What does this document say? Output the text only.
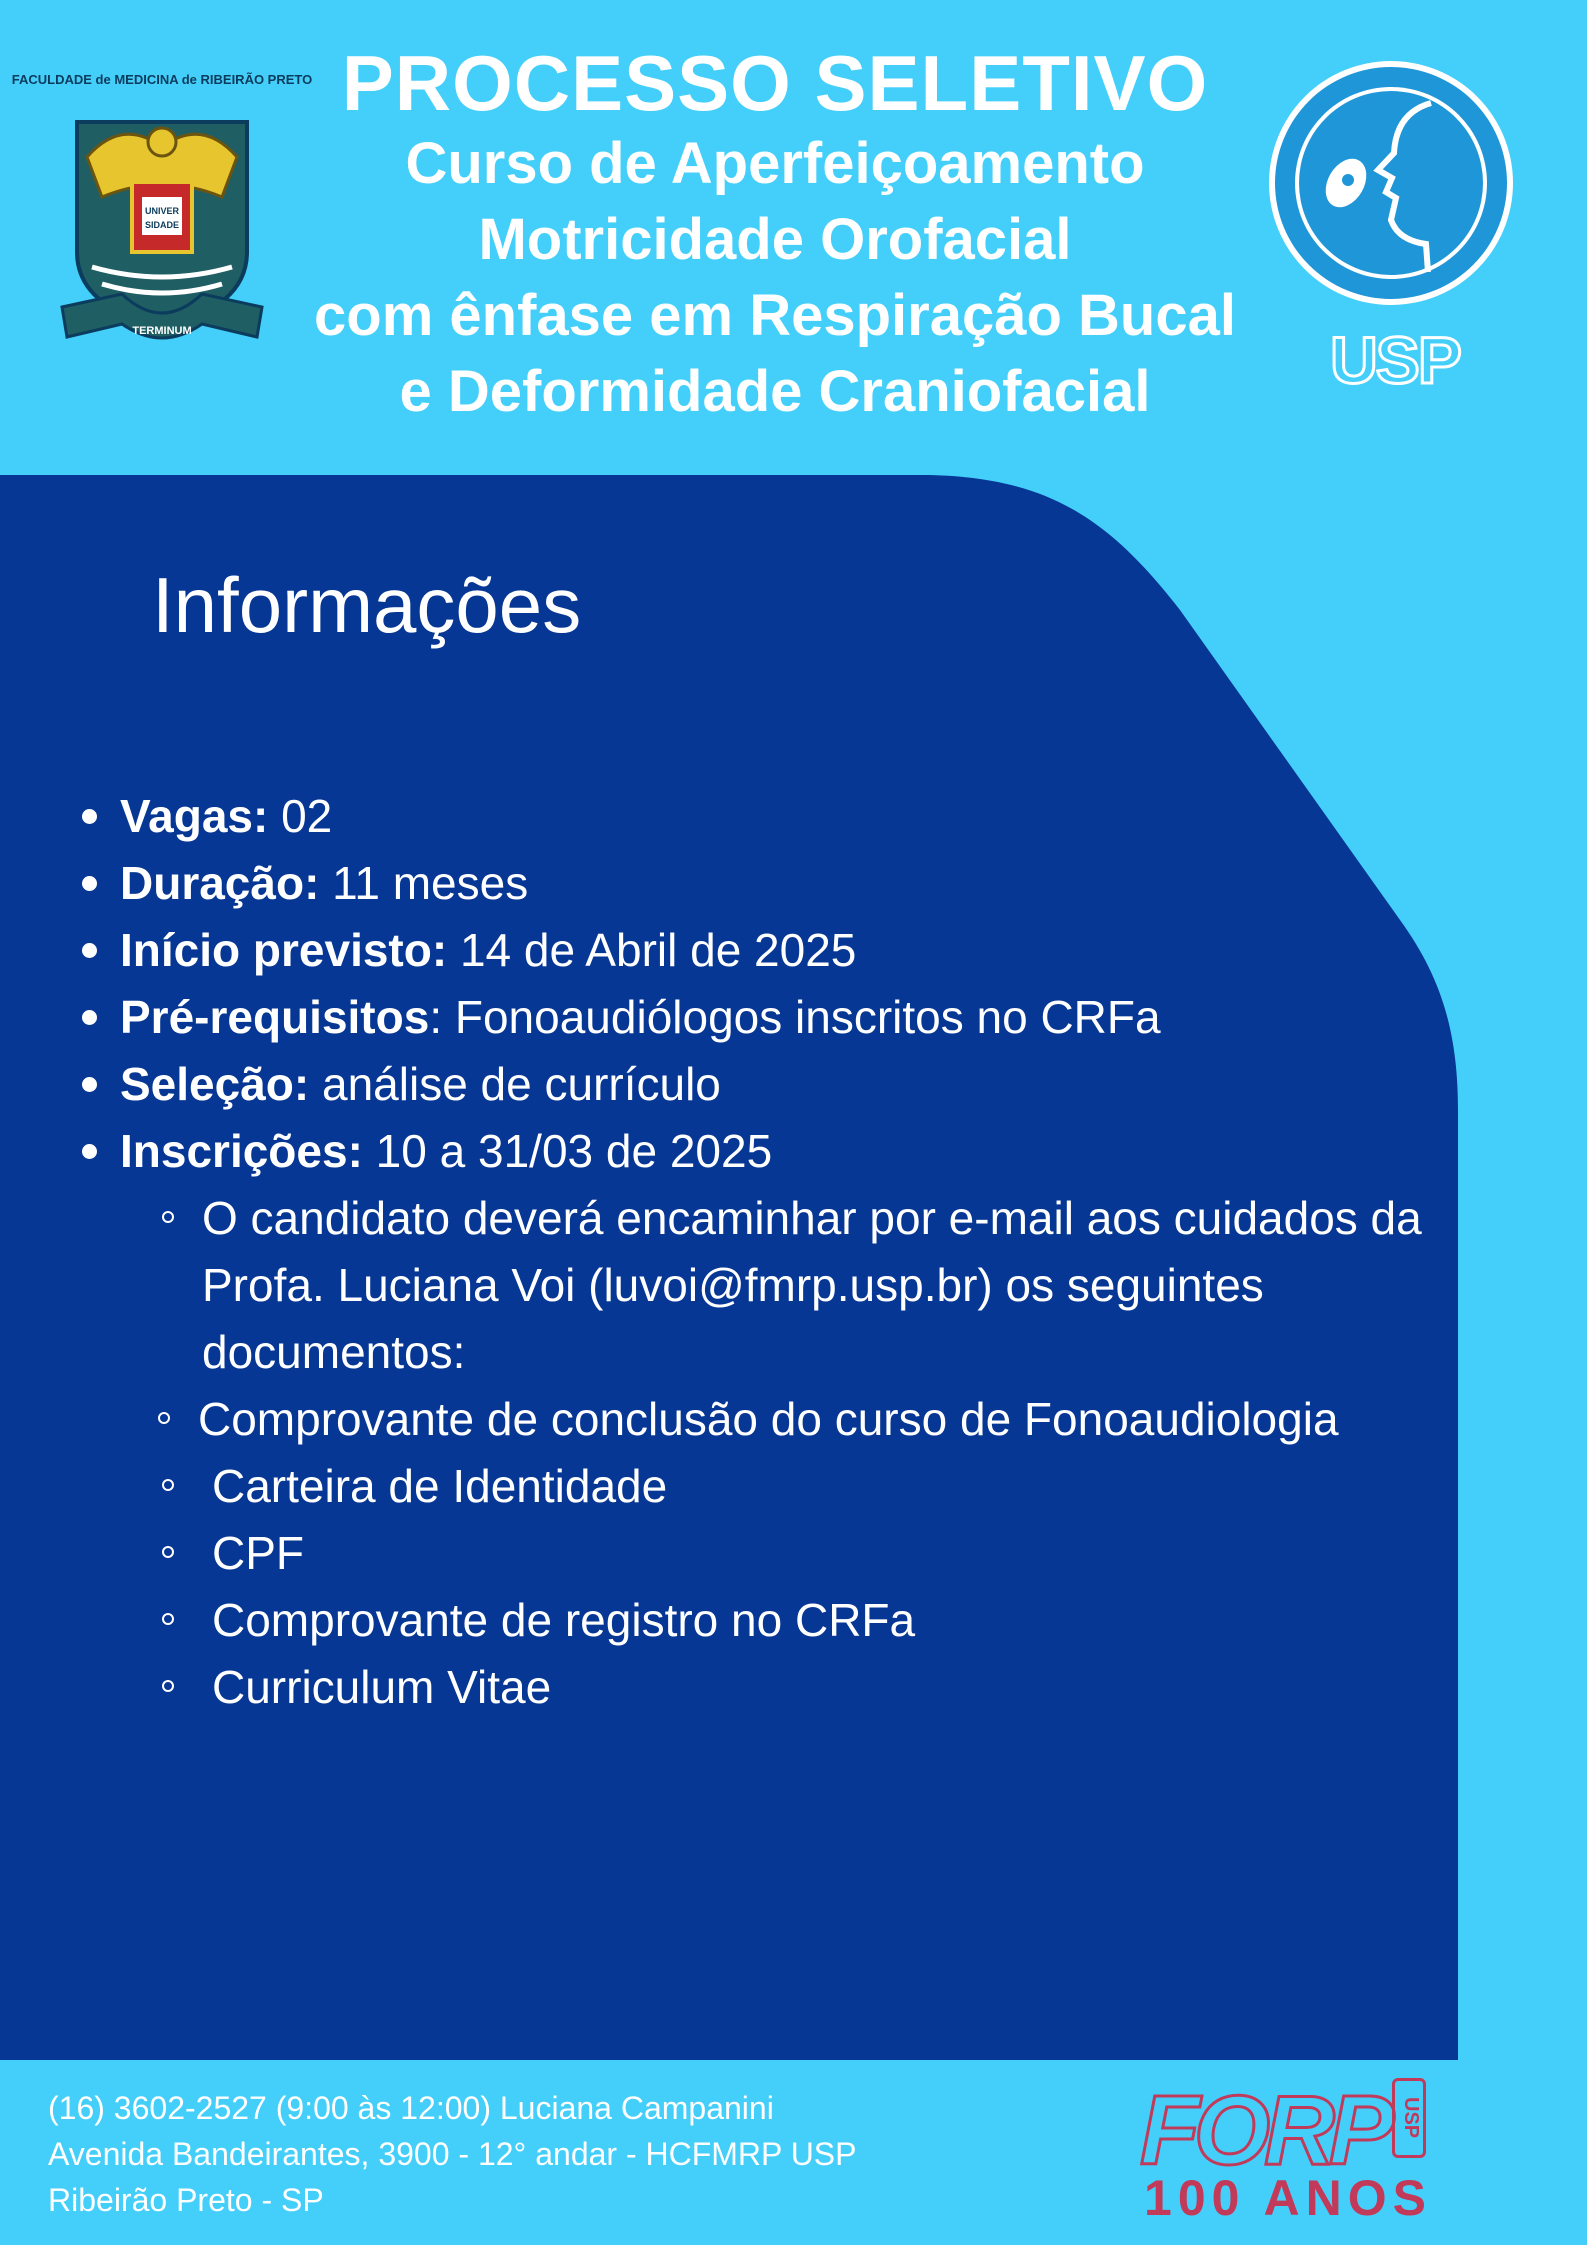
FACULDADE de MEDICINA de RIBEIRÃO PRETO
UNIVER
SIDADE
TERMINUM
PROCESSO SELETIVO
Curso de Aperfeiçoamento
Motricidade Orofacial
com ênfase em Respiração Bucal
e Deformidade Craniofacial	USP
Informações
Vagas: 02
Duração: 11 meses
Início previsto: 14 de Abril de 2025
Pré-requisitos: Fonoaudiólogos inscritos no CRFa
Seleção: análise de currículo
Inscrições: 10 a 31/03 de 2025
O candidato deverá encaminhar por e-mail aos cuidados da Profa. Luciana Voi (luvoi@fmrp.usp.br) os seguintes documentos:
Comprovante de conclusão do curso de Fonoaudiologia
Carteira de Identidade
CPF
Comprovante de registro no CRFa
Curriculum Vitae
(16) 3602-2527 (9:00 às 12:00) Luciana Campanini
Avenida Bandeirantes, 3900 - 12° andar - HCFMRP USP
Ribeirão Preto - SP
FORP USP
100 ANOS
